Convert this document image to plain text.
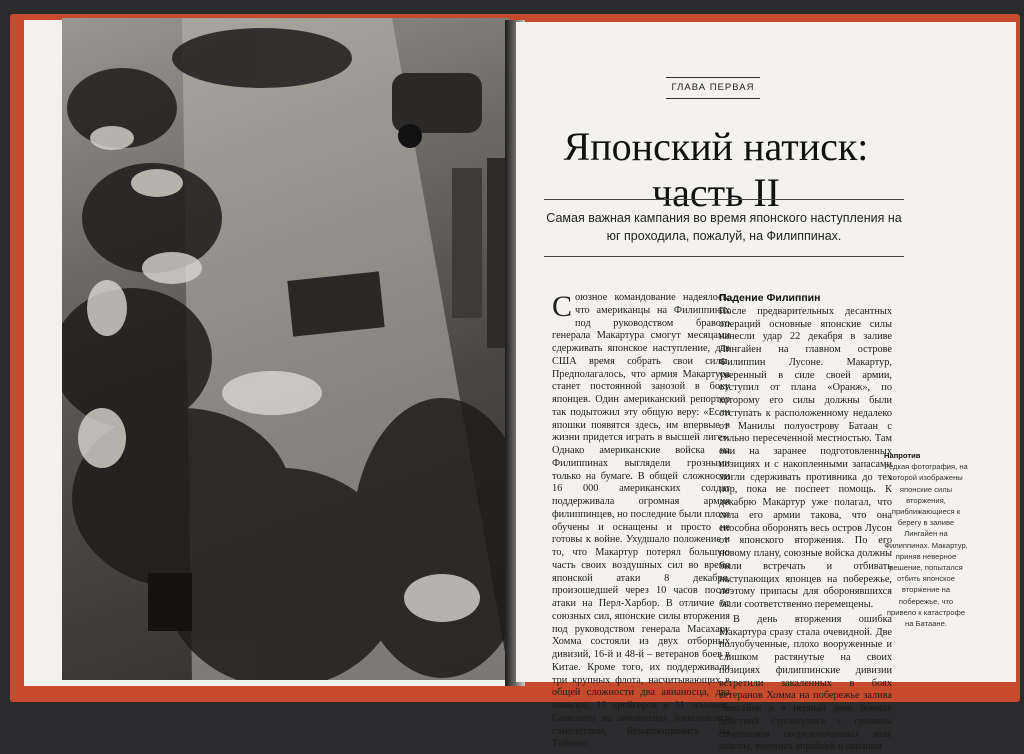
ГЛАВА ПЕРВАЯ
Японский натиск:
часть II
Самая важная кампания во время японского наступления на юг проходила, пожалуй, на Филиппинах.

Союзное командование надеялось, что американцы на Филиппинах под руководством бравого генерала Макартура смогут месяцами сдерживать японское наступление, дав США время собрать свои силы. Предполагалось, что армия Макартура станет постоянной занозой в боку японцев. Один американский репортер так подытожил эту общую веру: «Если япошки появятся здесь, им впервые в жизни придется играть в высшей лиге». Однако американские войска на Филиппинах выглядели грозными только на бумаге. В общей сложности 16 000 американских солдат поддерживала огромная армия филиппинцев, но последние были плохо обучены и оснащены и просто не готовы к войне. Ухудшало положение и то, что Макартур потерял большую часть своих воздушных сил во время японской атаки 8 декабря, произошедшей через 10 часов после атаки на Перл-Харбор. В отличие от союзных сил, японские силы вторжения под руководством генерала Масахару Хомма состояли из двух отборных дивизий, 16-й и 48-й – ветеранов боев в Китае. Кроме того, их поддерживали три крупных флота, насчитывающих в общей сложности два авианосца, два линкора, 13 крейсеров и 31 эсминец. Самолеты на авианосцах дополнялись самолетами, базирующимися на Тайване.

Падение Филиппин

После предварительных десантных операций основные японские силы нанесли удар 22 декабря в заливе Лингайен на главном острове Филиппин Лусоне. Макартур, уверенный в силе своей армии, отступил от плана «Оранж», по которому его силы должны были отступать к расположенному недалеко от Манилы полуострову Батаан с сильно пересеченной местностью. Там они на заранее подготовленных позициях и с накопленными запасами могли сдерживать противника до тех пор, пока не поспеет помощь. К декабрю Макартур уже полагал, что сила его армии такова, что она способна оборонять весь остров Лусон от японского вторжения. По его новому плану, союзные войска должны были встречать и отбивать наступающих японцев на побережье, поэтому припасы для оборонявшихся были соответственно перемещены.

В день вторжения ошибка Макартура сразу стала очевидной. Две полуобученные, плохо вооруженные и слишком растянутые на своих позициях филиппинские дивизии встретили закаленных в боях ветеранов Хомма на побережье залива Лингайен и в первый день боевых действий столкнулись с грозным сочетанием сосредоточенных атак пехоты, военных кораблей и авиации

Напротив
Редкая фотография, на которой изображены японские силы вторжения, приближающиеся к берегу в заливе Лингайен на Филиппинах. Макартур, приняв неверное решение, попытался отбить японское вторжение на побережье, что привело к катастрофе на Батаане.
